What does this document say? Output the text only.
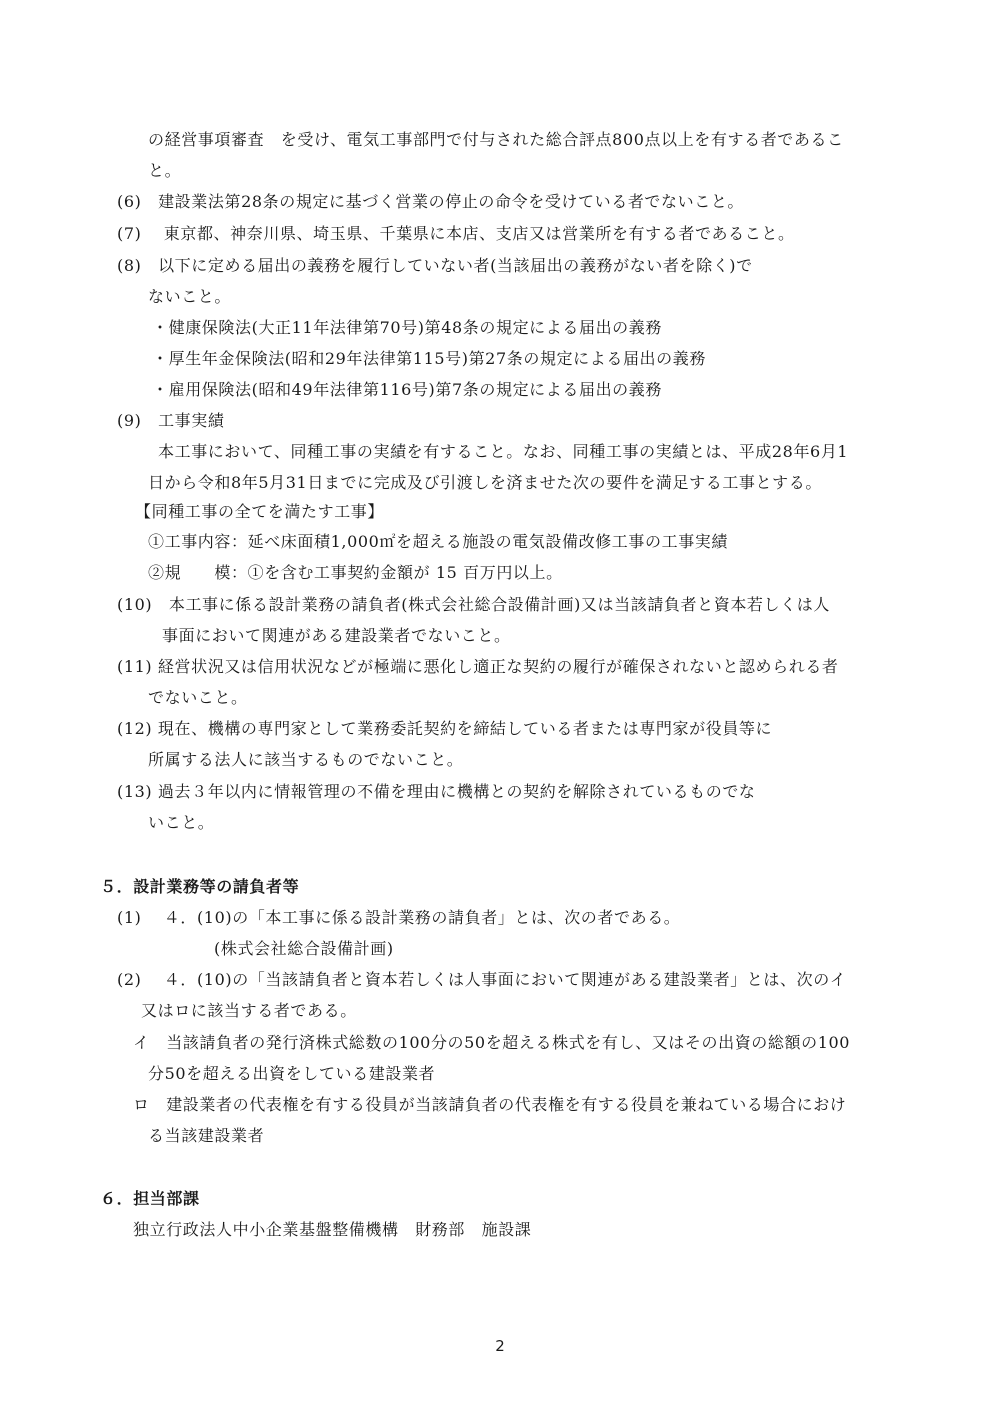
の経営事項審査　を受け、電気工事部門で付与された総合評点800点以上を有する者であるこ
と。
(6)　建設業法第28条の規定に基づく営業の停止の命令を受けている者でないこと。
(7)　 東京都、神奈川県、埼玉県、千葉県に本店、支店又は営業所を有する者であること。
(8)　以下に定める届出の義務を履行していない者(当該届出の義務がない者を除く)で
ないこと。
・健康保険法(大正11年法律第70号)第48条の規定による届出の義務
・厚生年金保険法(昭和29年法律第115号)第27条の規定による届出の義務
・雇用保険法(昭和49年法律第116号)第7条の規定による届出の義務
(9)　工事実績
本工事において、同種工事の実績を有すること。なお、同種工事の実績とは、平成28年6月1
日から令和8年5月31日までに完成及び引渡しを済ませた次の要件を満足する工事とする。
【同種工事の全てを満たす工事】
①工事内容：延べ床面積1,000㎡を超える施設の電気設備改修工事の工事実績
②規　　模：①を含む工事契約金額が 15 百万円以上。
(10)　本工事に係る設計業務の請負者(株式会社総合設備計画)又は当該請負者と資本若しくは人
事面において関連がある建設業者でないこと。
(11) 経営状況又は信用状況などが極端に悪化し適正な契約の履行が確保されないと認められる者
でないこと。
(12) 現在、機構の専門家として業務委託契約を締結している者または専門家が役員等に
所属する法人に該当するものでないこと。
(13) 過去３年以内に情報管理の不備を理由に機構との契約を解除されているものでな
いこと。
５．設計業務等の請負者等
(1)　 ４．(10)の「本工事に係る設計業務の請負者」とは、次の者である。
(株式会社総合設備計画)
(2)　 ４．(10)の「当該請負者と資本若しくは人事面において関連がある建設業者」とは、次のイ
又はロに該当する者である。
イ　当該請負者の発行済株式総数の100分の50を超える株式を有し、又はその出資の総額の100
分50を超える出資をしている建設業者
ロ　建設業者の代表権を有する役員が当該請負者の代表権を有する役員を兼ねている場合におけ
る当該建設業者
６．担当部課
独立行政法人中小企業基盤整備機構　財務部　施設課
2
